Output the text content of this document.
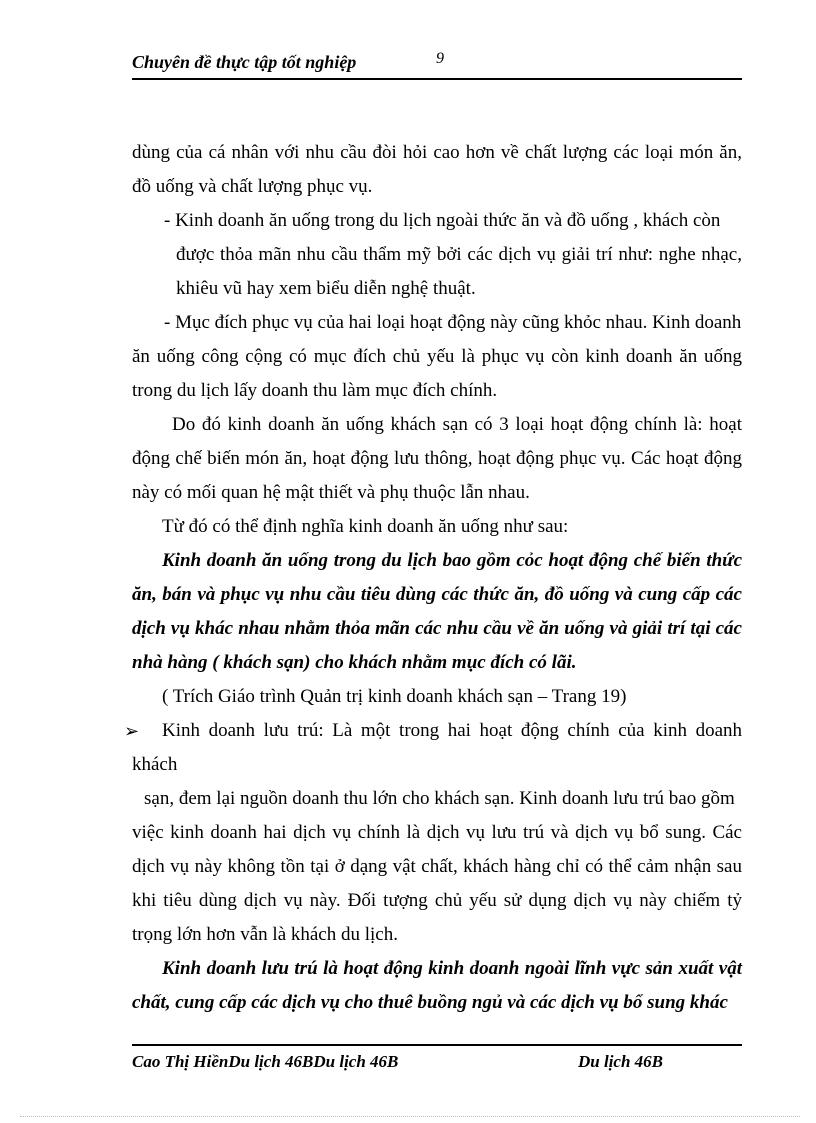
Chuyên đề thực tập tốt nghiệp	9

dùng của cá nhân với nhu cầu đòi hỏi cao hơn về chất lượng các loại món ăn, đồ uống và chất lượng phục vụ.

- Kinh doanh ăn uống trong du lịch ngoài thức ăn và đồ uống , khách còn

được thỏa mãn nhu cầu thẩm mỹ bởi các dịch vụ giải trí như: nghe nhạc, khiêu vũ hay xem biểu diễn nghệ thuật.

- Mục đích phục vụ của hai loại hoạt động này cũng khỏc nhau. Kinh doanh

ăn uống công cộng có mục đích chủ yếu là phục vụ còn kinh doanh ăn uống trong du lịch lấy doanh thu làm mục đích chính.

Do đó kinh doanh ăn uống khách sạn có 3 loại hoạt động chính là: hoạt động chế biến món ăn, hoạt động lưu thông, hoạt động phục vụ. Các hoạt động này có mối quan hệ mật thiết và phụ thuộc lẫn nhau.

Từ đó có thể định nghĩa kinh doanh ăn uống như sau:

Kinh doanh ăn uống trong du lịch bao gồm cỏc hoạt động chế biến thức ăn, bán và phục vụ nhu cầu tiêu dùng các thức ăn, đồ uống và cung cấp các dịch vụ khác nhau nhằm thỏa mãn các nhu cầu về ăn uống và giải trí tại các nhà hàng ( khách sạn) cho khách nhằm mục đích có lãi.

( Trích Giáo trình Quản trị kinh doanh khách sạn – Trang 19)

➢	Kinh doanh lưu trú: Là một trong hai hoạt động chính của kinh doanh khách

sạn, đem lại nguồn doanh thu lớn cho khách sạn. Kinh doanh lưu trú bao gồm

việc kinh doanh hai dịch vụ chính là dịch vụ lưu trú và dịch vụ bổ sung. Các dịch vụ này không tồn tại ở dạng vật chất, khách hàng chỉ có thể cảm nhận sau khi tiêu dùng dịch vụ này. Đối tượng chủ yếu sử dụng dịch vụ này chiếm tỷ trọng lớn hơn vẫn là khách du lịch.

Kinh doanh lưu trú là hoạt động kinh doanh ngoài lĩnh vực sản xuất vật chất, cung cấp các dịch vụ cho thuê buồng ngủ và các dịch vụ bổ sung khác

Cao Thị HiềnDu lịch 46BDu lịch 46B	Du lịch 46B
